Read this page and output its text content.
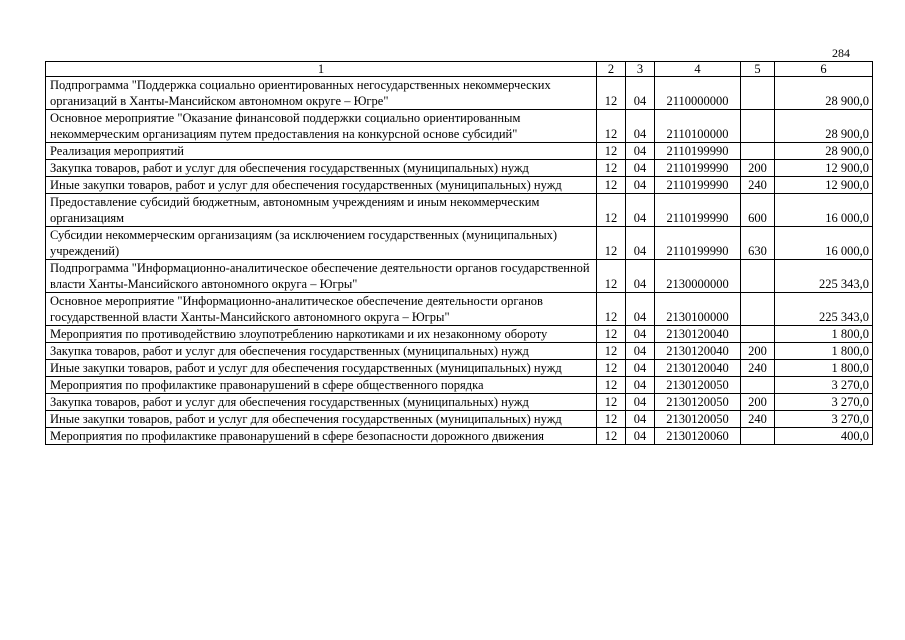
284
1	2	3	4	5	6
Подпрограмма "Поддержка социально ориентированных негосударственных некоммерческих организаций в Ханты-Мансийском автономном округе – Югре"	12	04	2110000000		28 900,0
Основное мероприятие "Оказание финансовой поддержки социально ориентированным некоммерческим организациям путем предоставления на конкурсной основе субсидий"	12	04	2110100000		28 900,0
Реализация мероприятий	12	04	2110199990		28 900,0
Закупка товаров, работ и услуг для обеспечения государственных (муниципальных) нужд	12	04	2110199990	200	12 900,0
Иные закупки товаров, работ и услуг для обеспечения государственных (муниципальных) нужд	12	04	2110199990	240	12 900,0
Предоставление субсидий бюджетным, автономным учреждениям и иным некоммерческим организациям	12	04	2110199990	600	16 000,0
Субсидии некоммерческим организациям (за исключением государственных (муниципальных) учреждений)	12	04	2110199990	630	16 000,0
Подпрограмма "Информационно-аналитическое обеспечение деятельности органов государственной власти Ханты-Мансийского автономного округа – Югры"	12	04	2130000000		225 343,0
Основное мероприятие "Информационно-аналитическое обеспечение деятельности органов государственной власти Ханты-Мансийского автономного округа – Югры"	12	04	2130100000		225 343,0
Мероприятия по противодействию злоупотреблению наркотиками и их незаконному обороту	12	04	2130120040		1 800,0
Закупка товаров, работ и услуг для обеспечения государственных (муниципальных) нужд	12	04	2130120040	200	1 800,0
Иные закупки товаров, работ и услуг для обеспечения государственных (муниципальных) нужд	12	04	2130120040	240	1 800,0
Мероприятия по профилактике правонарушений в сфере общественного порядка	12	04	2130120050		3 270,0
Закупка товаров, работ и услуг для обеспечения государственных (муниципальных) нужд	12	04	2130120050	200	3 270,0
Иные закупки товаров, работ и услуг для обеспечения государственных (муниципальных) нужд	12	04	2130120050	240	3 270,0
Мероприятия по профилактике правонарушений в сфере безопасности дорожного движения	12	04	2130120060		400,0
